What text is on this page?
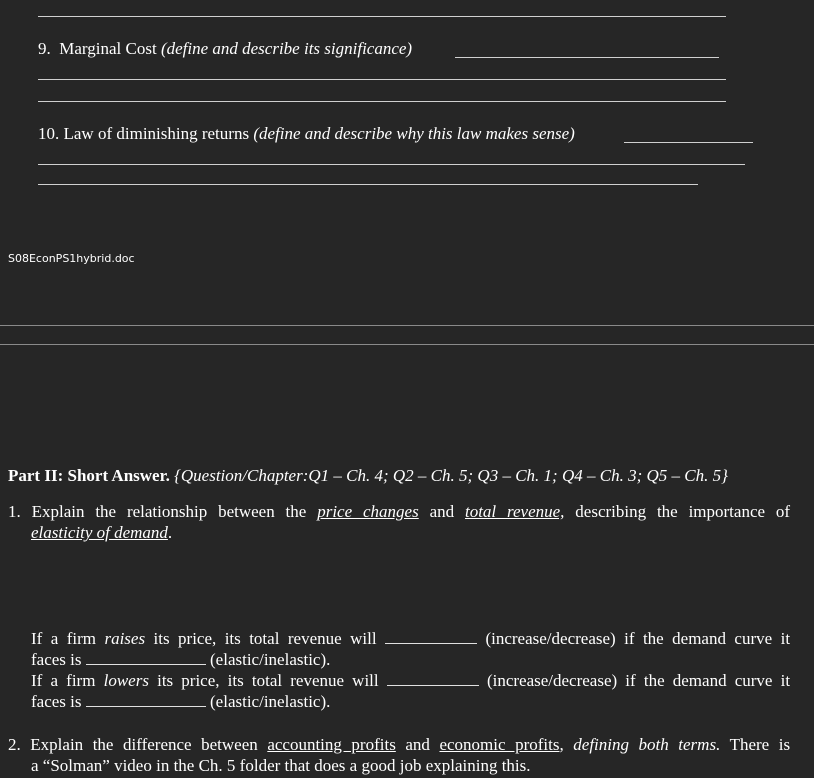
9. Marginal Cost (define and describe its significance)
10. Law of diminishing returns (define and describe why this law makes sense)
S08EconPS1hybrid.doc
Part II: Short Answer. {Question/Chapter:Q1 – Ch. 4; Q2 – Ch. 5; Q3 – Ch. 1; Q4 – Ch. 3; Q5 – Ch. 5}
1. Explain the relationship between the price changes and total revenue, describing the importance of
elasticity of demand.
If a firm raises its price, its total revenue will	(increase/decrease) if the demand curve it
faces is	(elastic/inelastic).
If a firm lowers its price, its total revenue will	(increase/decrease) if the demand curve it
faces is	(elastic/inelastic).
2. Explain the difference between accounting profits and economic profits, defining both terms. There is
a “Solman” video in the Ch. 5 folder that does a good job explaining this.
